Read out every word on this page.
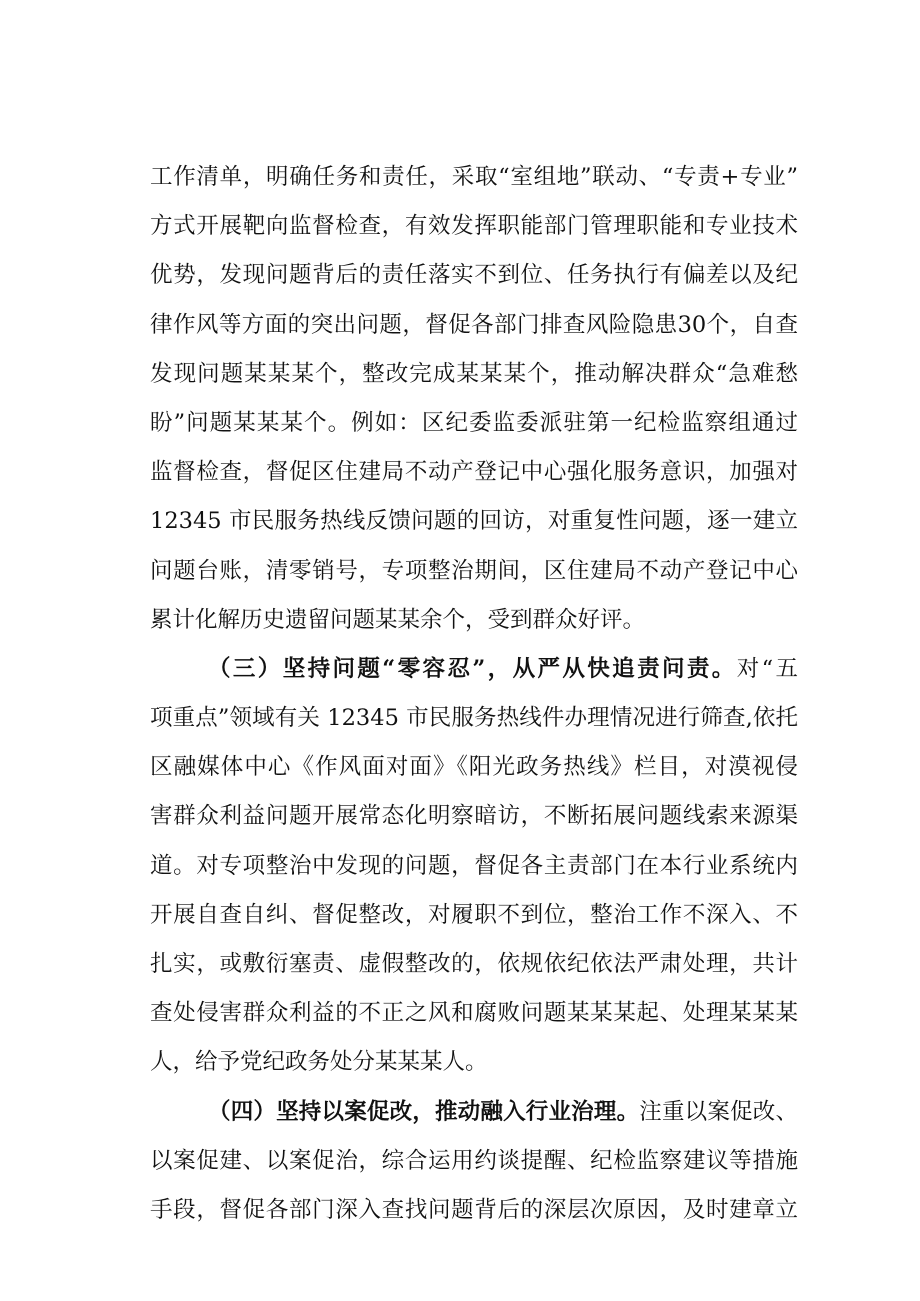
工作清单，明确任务和责任，采取“室组地”联动、“专责+专业”
方式开展靶向监督检查，有效发挥职能部门管理职能和专业技术
优势，发现问题背后的责任落实不到位、任务执行有偏差以及纪
律作风等方面的突出问题，督促各部门排查风险隐患30个，自查
发现问题某某某个，整改完成某某某个，推动解决群众“急难愁
盼”问题某某某个。例如：区纪委监委派驻第一纪检监察组通过
监督检查，督促区住建局不动产登记中心强化服务意识，加强对
12345 市民服务热线反馈问题的回访，对重复性问题，逐一建立
问题台账，清零销号，专项整治期间，区住建局不动产登记中心
累计化解历史遗留问题某某余个，受到群众好评。
（三）坚持问题“零容忍”，从严从快追责问责。对“五
项重点”领域有关 12345 市民服务热线件办理情况进行筛查,依托
区融媒体中心《作风面对面》《阳光政务热线》栏目，对漠视侵
害群众利益问题开展常态化明察暗访，不断拓展问题线索来源渠
道。对专项整治中发现的问题，督促各主责部门在本行业系统内
开展自查自纠、督促整改，对履职不到位，整治工作不深入、不
扎实，或敷衍塞责、虚假整改的，依规依纪依法严肃处理，共计
查处侵害群众利益的不正之风和腐败问题某某某起、处理某某某
人，给予党纪政务处分某某某人。
（四）坚持以案促改，推动融入行业治理。注重以案促改、
以案促建、以案促治，综合运用约谈提醒、纪检监察建议等措施
手段，督促各部门深入查找问题背后的深层次原因，及时建章立
